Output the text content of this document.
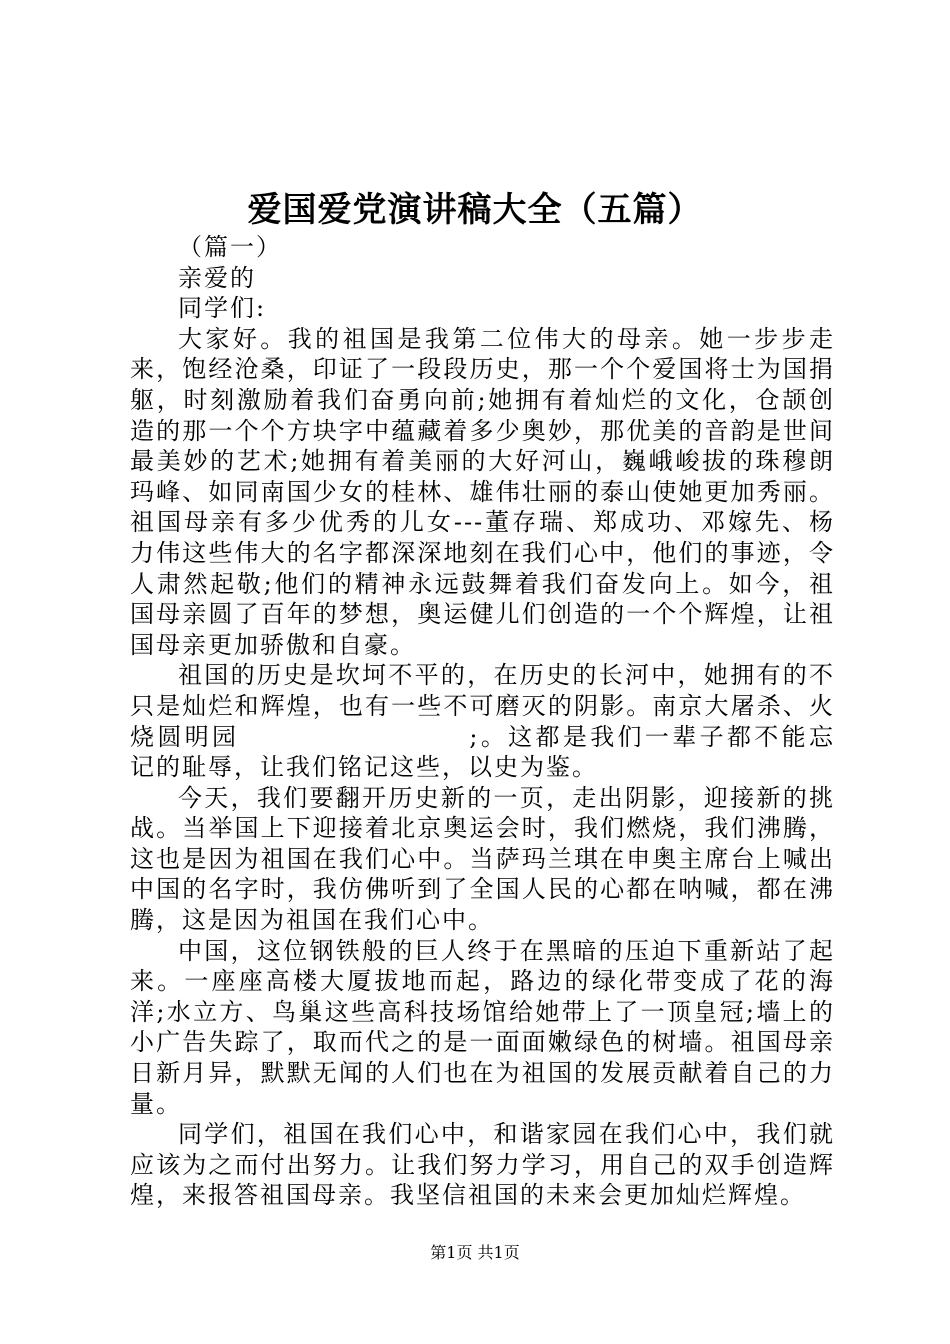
爱国爱党演讲稿大全（五篇）

（篇一）

亲爱的

同学们:

大家好。我的祖国是我第二位伟大的母亲。她一步步走来，饱经沧桑，印证了一段段历史，那一个个爱国将士为国捐躯，时刻激励着我们奋勇向前;她拥有着灿烂的文化，仓颉创造的那一个个方块字中蕴藏着多少奥妙，那优美的音韵是世间最美妙的艺术;她拥有着美丽的大好河山，巍峨峻拔的珠穆朗玛峰、如同南国少女的桂林、雄伟壮丽的泰山使她更加秀丽。祖国母亲有多少优秀的儿女---董存瑞、郑成功、邓嫁先、杨力伟这些伟大的名字都深深地刻在我们心中，他们的事迹，令人肃然起敬;他们的精神永远鼓舞着我们奋发向上。如今，祖国母亲圆了百年的梦想，奥运健儿们创造的一个个辉煌，让祖国母亲更加骄傲和自豪。

祖国的历史是坎坷不平的，在历史的长河中，她拥有的不只是灿烂和辉煌，也有一些不可磨灭的阴影。南京大屠杀、火烧圆明园	;。这都是我们一辈子都不能忘记的耻辱，让我们铭记这些，以史为鉴。

今天，我们要翻开历史新的一页，走出阴影，迎接新的挑战。当举国上下迎接着北京奥运会时，我们燃烧，我们沸腾，这也是因为祖国在我们心中。当萨玛兰琪在申奥主席台上喊出中国的名字时，我仿佛听到了全国人民的心都在呐喊，都在沸腾，这是因为祖国在我们心中。

中国，这位钢铁般的巨人终于在黑暗的压迫下重新站了起来。一座座高楼大厦拔地而起，路边的绿化带变成了花的海洋;水立方、鸟巢这些高科技场馆给她带上了一顶皇冠;墙上的小广告失踪了，取而代之的是一面面嫩绿色的树墙。祖国母亲日新月异，默默无闻的人们也在为祖国的发展贡献着自己的力量。

同学们，祖国在我们心中，和谐家园在我们心中，我们就应该为之而付出努力。让我们努力学习，用自己的双手创造辉煌，来报答祖国母亲。我坚信祖国的未来会更加灿烂辉煌。

第1页 共1页
